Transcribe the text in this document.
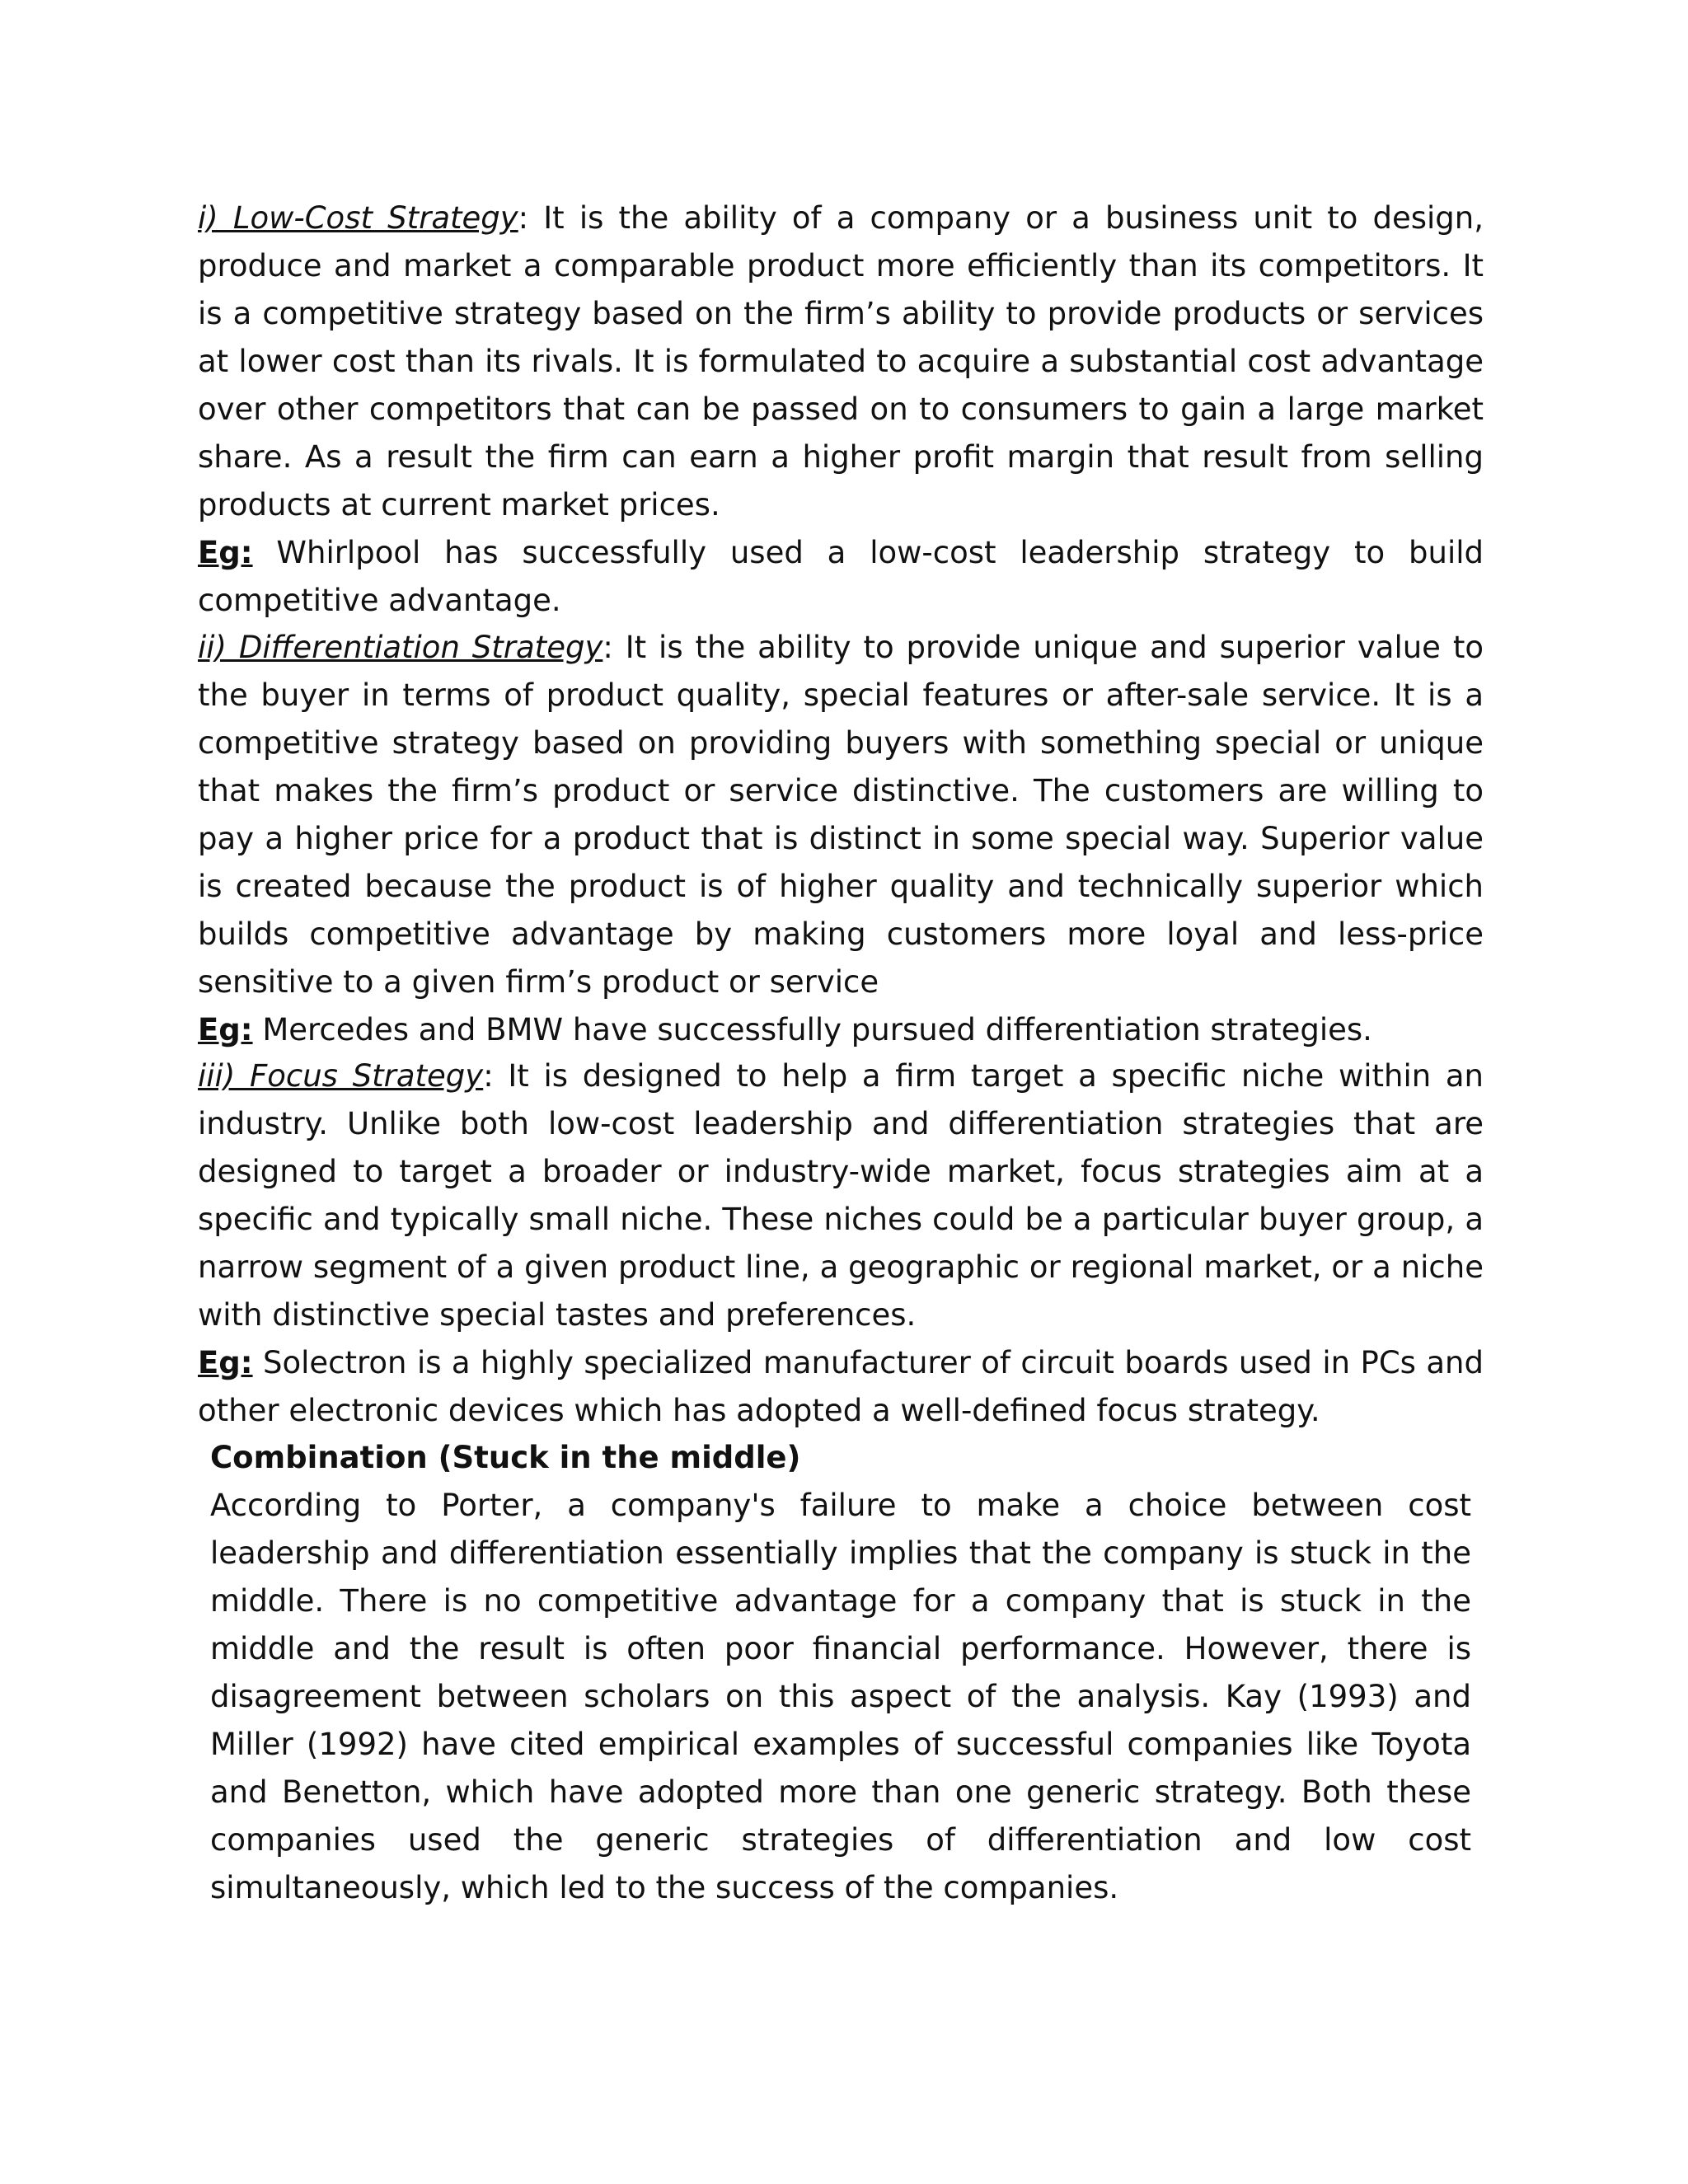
i) Low-Cost Strategy: It is the ability of a company or a business unit to design, produce and market a comparable product more efficiently than its competitors. It is a competitive strategy based on the firm’s ability to provide products or services at lower cost than its rivals. It is formulated to acquire a substantial cost advantage over other competitors that can be passed on to consumers to gain a large market share. As a result the firm can earn a higher profit margin that result from selling products at current market prices.

Eg: Whirlpool has successfully used a low-cost leadership strategy to build competitive advantage.

ii) Differentiation Strategy: It is the ability to provide unique and superior value to the buyer in terms of product quality, special features or after-sale service. It is a competitive strategy based on providing buyers with something special or unique that makes the firm’s product or service distinctive. The customers are willing to pay a higher price for a product that is distinct in some special way. Superior value is created because the product is of higher quality and technically superior which builds competitive advantage by making customers more loyal and less-price sensitive to a given firm’s product or service

Eg: Mercedes and BMW have successfully pursued differentiation strategies.

iii) Focus Strategy: It is designed to help a firm target a specific niche within an industry. Unlike both low-cost leadership and differentiation strategies that are designed to target a broader or industry-wide market, focus strategies aim at a specific and typically small niche. These niches could be a particular buyer group, a narrow segment of a given product line, a geographic or regional market, or a niche with distinctive special tastes and preferences.

Eg: Solectron is a highly specialized manufacturer of circuit boards used in PCs and other electronic devices which has adopted a well-defined focus strategy.

Combination (Stuck in the middle)

According to Porter, a company's failure to make a choice between cost leadership and differentiation essentially implies that the company is stuck in the middle. There is no competitive advantage for a company that is stuck in the middle and the result is often poor financial performance. However, there is disagreement between scholars on this aspect of the analysis. Kay (1993) and Miller (1992) have cited empirical examples of successful companies like Toyota and Benetton, which have adopted more than one generic strategy. Both these companies used the generic strategies of differentiation and low cost simultaneously, which led to the success of the companies.
